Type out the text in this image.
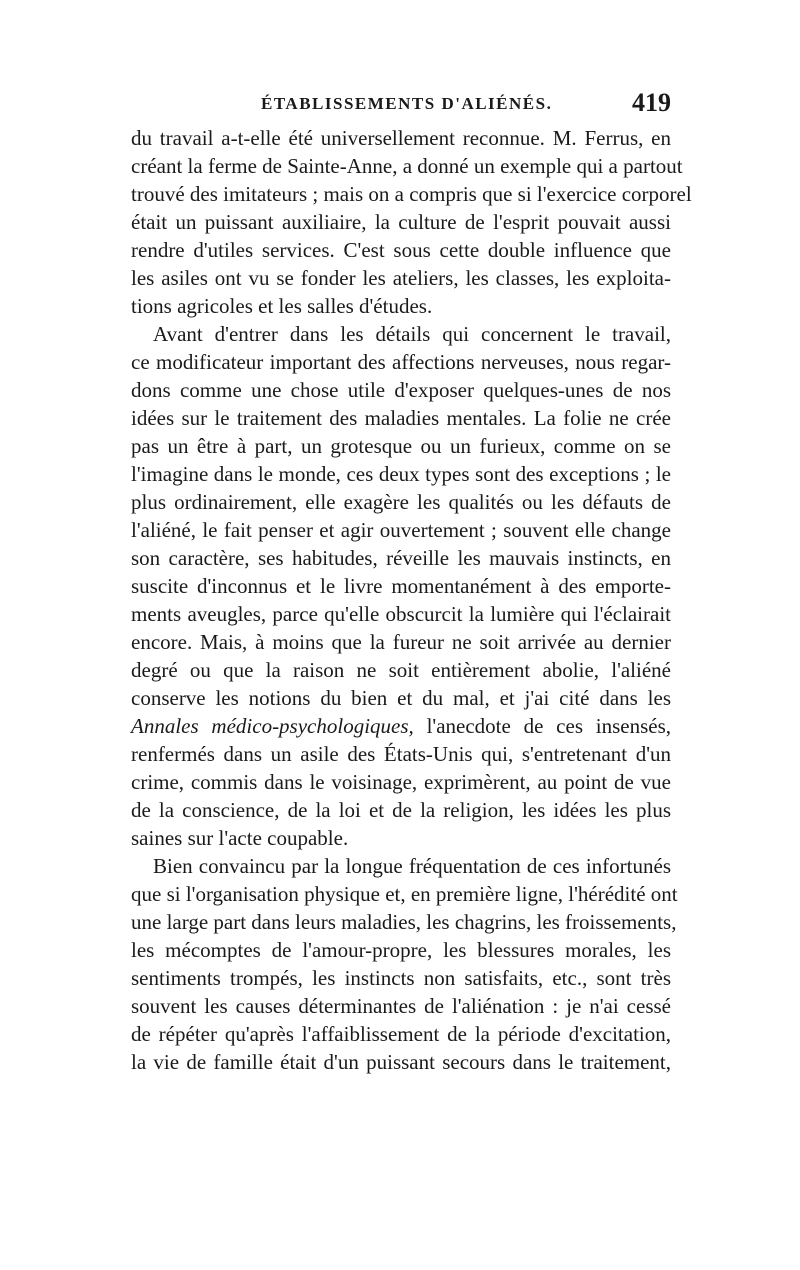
ÉTABLISSEMENTS D'ALIÉNÉS.	419
du travail a-t-elle été universellement reconnue. M. Ferrus, en
créant la ferme de Sainte-Anne, a donné un exemple qui a partout
trouvé des imitateurs ; mais on a compris que si l'exercice corporel
était un puissant auxiliaire, la culture de l'esprit pouvait aussi
rendre d'utiles services. C'est sous cette double influence que
les asiles ont vu se fonder les ateliers, les classes, les exploita-
tions agricoles et les salles d'études.
Avant d'entrer dans les détails qui concernent le travail,
ce modificateur important des affections nerveuses, nous regar-
dons comme une chose utile d'exposer quelques-unes de nos
idées sur le traitement des maladies mentales. La folie ne crée
pas un être à part, un grotesque ou un furieux, comme on se
l'imagine dans le monde, ces deux types sont des exceptions ; le
plus ordinairement, elle exagère les qualités ou les défauts de
l'aliéné, le fait penser et agir ouvertement ; souvent elle change
son caractère, ses habitudes, réveille les mauvais instincts, en
suscite d'inconnus et le livre momentanément à des emporte-
ments aveugles, parce qu'elle obscurcit la lumière qui l'éclairait
encore. Mais, à moins que la fureur ne soit arrivée au dernier
degré ou que la raison ne soit entièrement abolie, l'aliéné
conserve les notions du bien et du mal, et j'ai cité dans les
Annales médico-psychologiques, l'anecdote de ces insensés,
renfermés dans un asile des États-Unis qui, s'entretenant d'un
crime, commis dans le voisinage, exprimèrent, au point de vue
de la conscience, de la loi et de la religion, les idées les plus
saines sur l'acte coupable.
Bien convaincu par la longue fréquentation de ces infortunés
que si l'organisation physique et, en première ligne, l'hérédité ont
une large part dans leurs maladies, les chagrins, les froissements,
les mécomptes de l'amour-propre, les blessures morales, les
sentiments trompés, les instincts non satisfaits, etc., sont très
souvent les causes déterminantes de l'aliénation : je n'ai cessé
de répéter qu'après l'affaiblissement de la période d'excitation,
la vie de famille était d'un puissant secours dans le traitement,
